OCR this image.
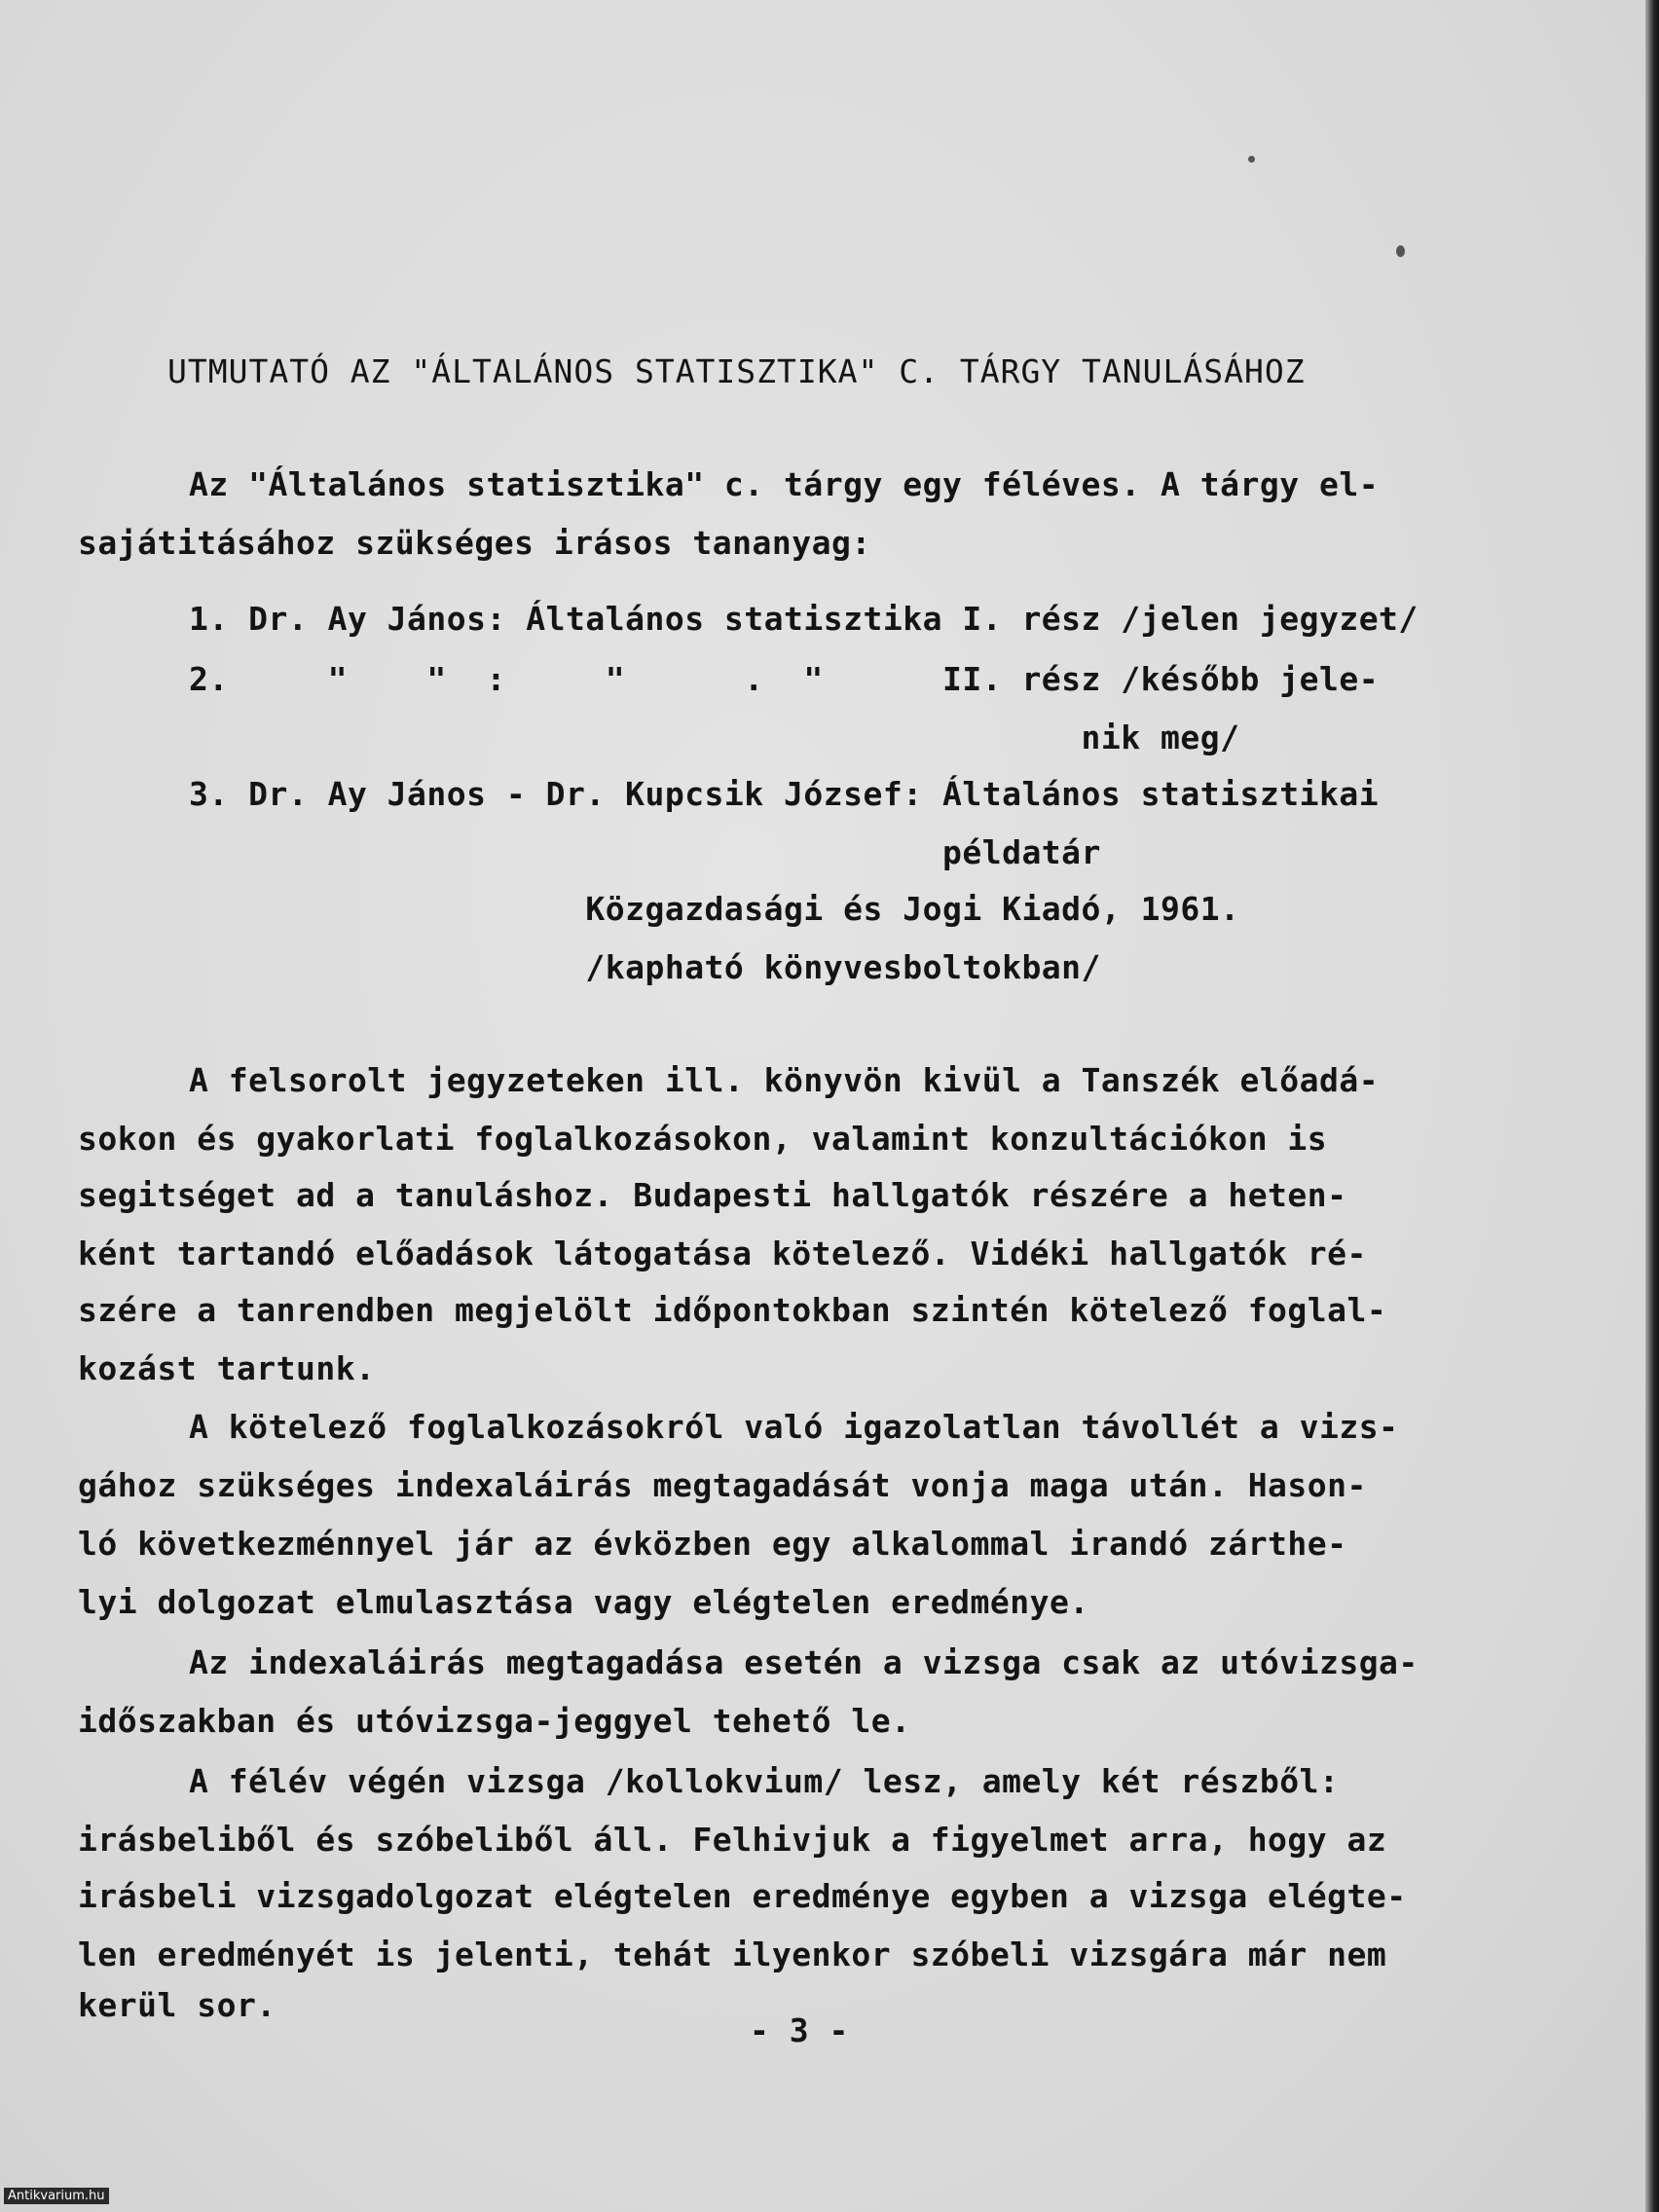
UTMUTATÓ AZ "ÁLTALÁNOS STATISZTIKA" C. TÁRGY TANULÁSÁHOZ
Az "Általános statisztika" c. tárgy egy féléves. A tárgy el-
sajátitásához szükséges irásos tananyag:
1. Dr. Ay János: Általános statisztika I. rész /jelen jegyzet/
2.     "    "  :     "      .  "      II. rész /később jele-
nik meg/
3. Dr. Ay János - Dr. Kupcsik József: Általános statisztikai
példatár
Közgazdasági és Jogi Kiadó, 1961.
/kapható könyvesboltokban/
A felsorolt jegyzeteken ill. könyvön kivül a Tanszék előadá-
sokon és gyakorlati foglalkozásokon, valamint konzultációkon is
segitséget ad a tanuláshoz. Budapesti hallgatók részére a heten-
ként tartandó előadások látogatása kötelező. Vidéki hallgatók ré-
szére a tanrendben megjelölt időpontokban szintén kötelező foglal-
kozást tartunk.
A kötelező foglalkozásokról való igazolatlan távollét a vizs-
gához szükséges indexaláirás megtagadását vonja maga után. Hason-
ló következménnyel jár az évközben egy alkalommal irandó zárthe-
lyi dolgozat elmulasztása vagy elégtelen eredménye.
Az indexaláirás megtagadása esetén a vizsga csak az utóvizsga-
időszakban és utóvizsga-jeggyel tehető le.
A félév végén vizsga /kollokvium/ lesz, amely két részből:
irásbeliből és szóbeliből áll. Felhivjuk a figyelmet arra, hogy az
irásbeli vizsgadolgozat elégtelen eredménye egyben a vizsga elégte-
len eredményét is jelenti, tehát ilyenkor szóbeli vizsgára már nem
kerül sor.
- 3 -
Antikvarium.hu
